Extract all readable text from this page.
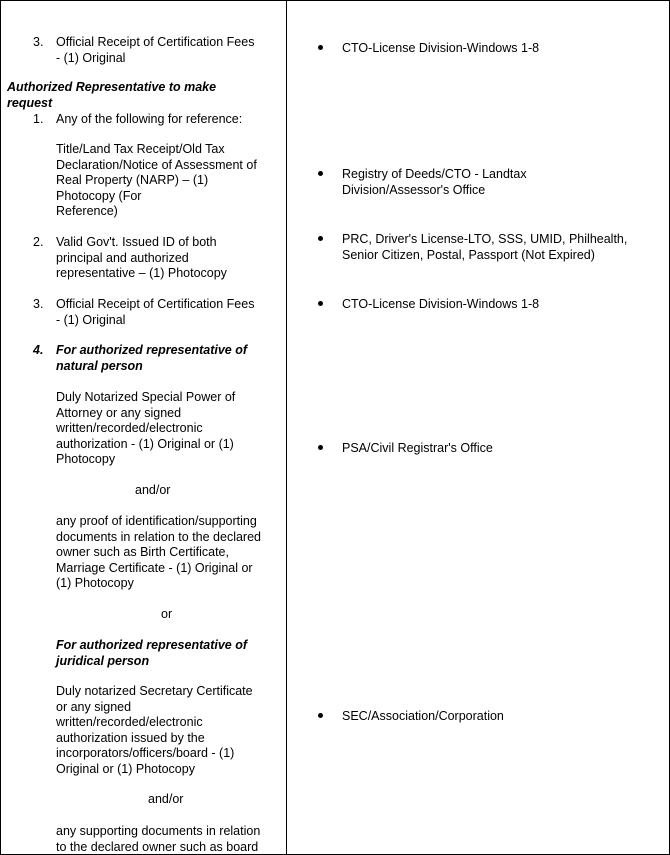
3. Official Receipt of Certification Fees
- (1) Original
Authorized Representative to make
request
1. Any of the following for reference:
Title/Land Tax Receipt/Old Tax
Declaration/Notice of Assessment of
Real Property (NARP) – (1)
Photocopy (For
Reference)
2. Valid Gov't. Issued ID of both
principal and authorized
representative – (1) Photocopy
3. Official Receipt of Certification Fees
- (1) Original
4. For authorized representative of
natural person
Duly Notarized Special Power of
Attorney or any signed
written/recorded/electronic
authorization - (1) Original or (1)
Photocopy
and/or
any proof of identification/supporting
documents in relation to the declared
owner such as Birth Certificate,
Marriage Certificate - (1) Original or
(1) Photocopy
or
For authorized representative of
juridical person
Duly notarized Secretary Certificate
or any signed
written/recorded/electronic
authorization issued by the
incorporators/officers/board - (1)
Original or (1) Photocopy
and/or
any supporting documents in relation
to the declared owner such as board
CTO-License Division-Windows 1-8
Registry of Deeds/CTO - Landtax
Division/Assessor's Office
PRC, Driver's License-LTO, SSS, UMID, Philhealth,
Senior Citizen, Postal, Passport (Not Expired)
CTO-License Division-Windows 1-8
PSA/Civil Registrar's Office
SEC/Association/Corporation
